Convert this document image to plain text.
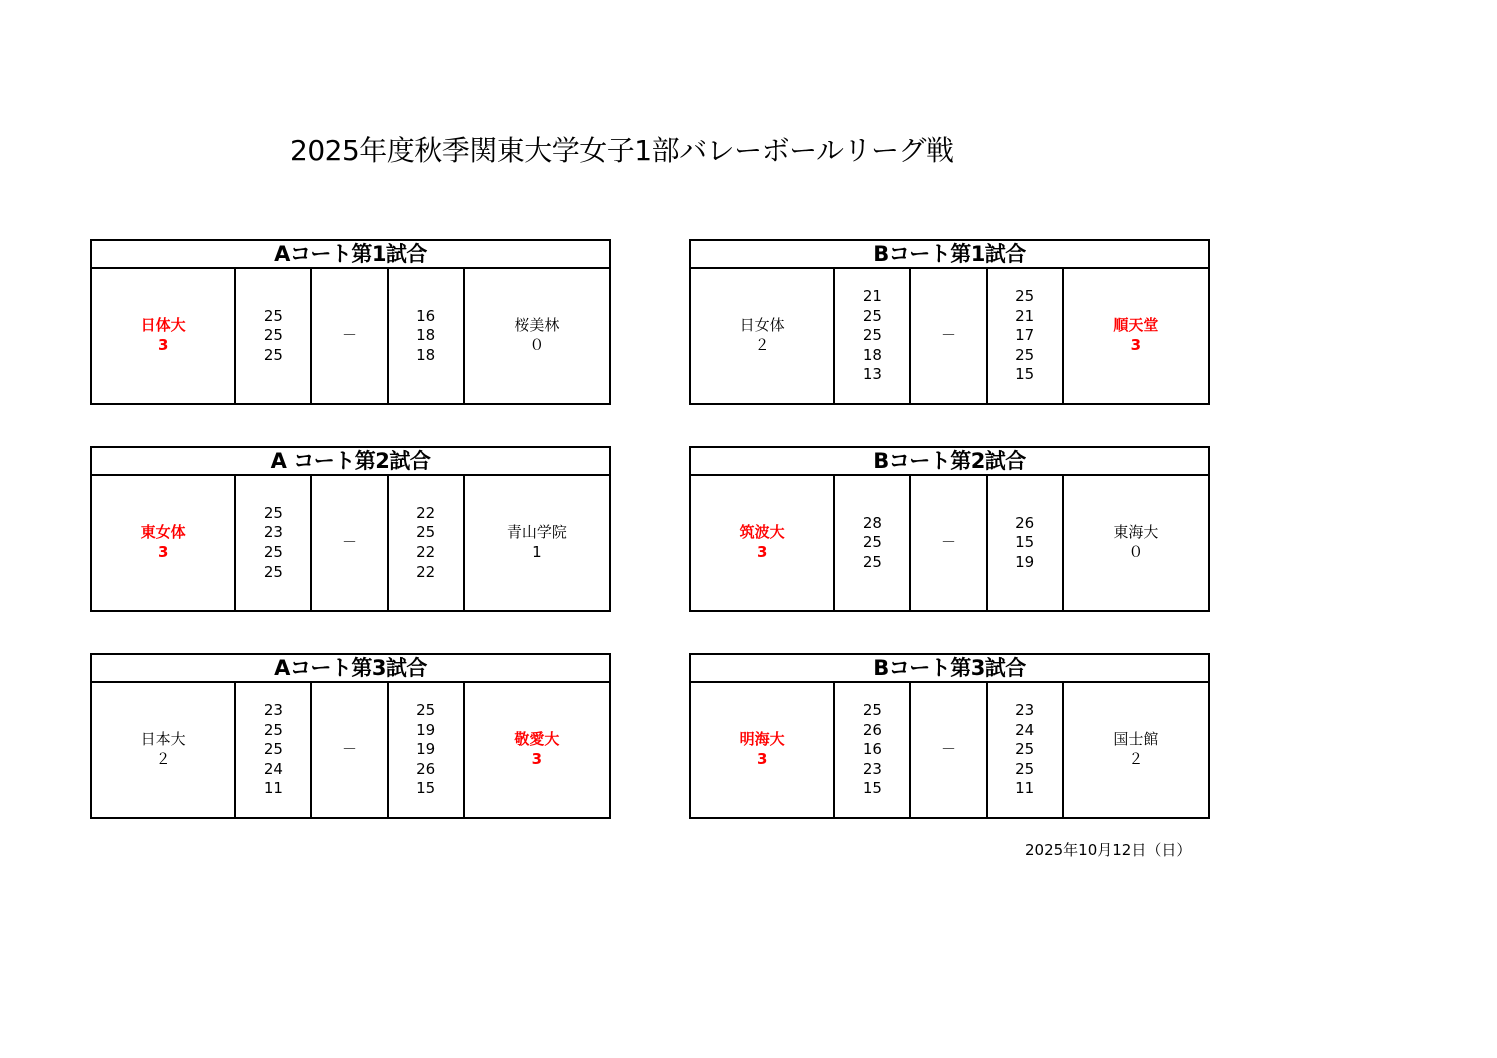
2025年度秋季関東大学女子1部バレーボールリーグ戦
Aコート第1試合
日体大
3
25
25
25
－
16
18
18
桜美林
０
Bコート第1試合
日女体
２
21
25
25
18
13
－
25
21
17
25
15
順天堂
3
A コート第2試合
東女体
3
25
23
25
25
－
22
25
22
22
青山学院
1
Bコート第2試合
筑波大
3
28
25
25
－
26
15
19
東海大
０
Aコート第3試合
日本大
２
23
25
25
24
11
－
25
19
19
26
15
敬愛大
3
Bコート第3試合
明海大
3
25
26
16
23
15
－
23
24
25
25
11
国士館
２
2025年10月12日（日）
